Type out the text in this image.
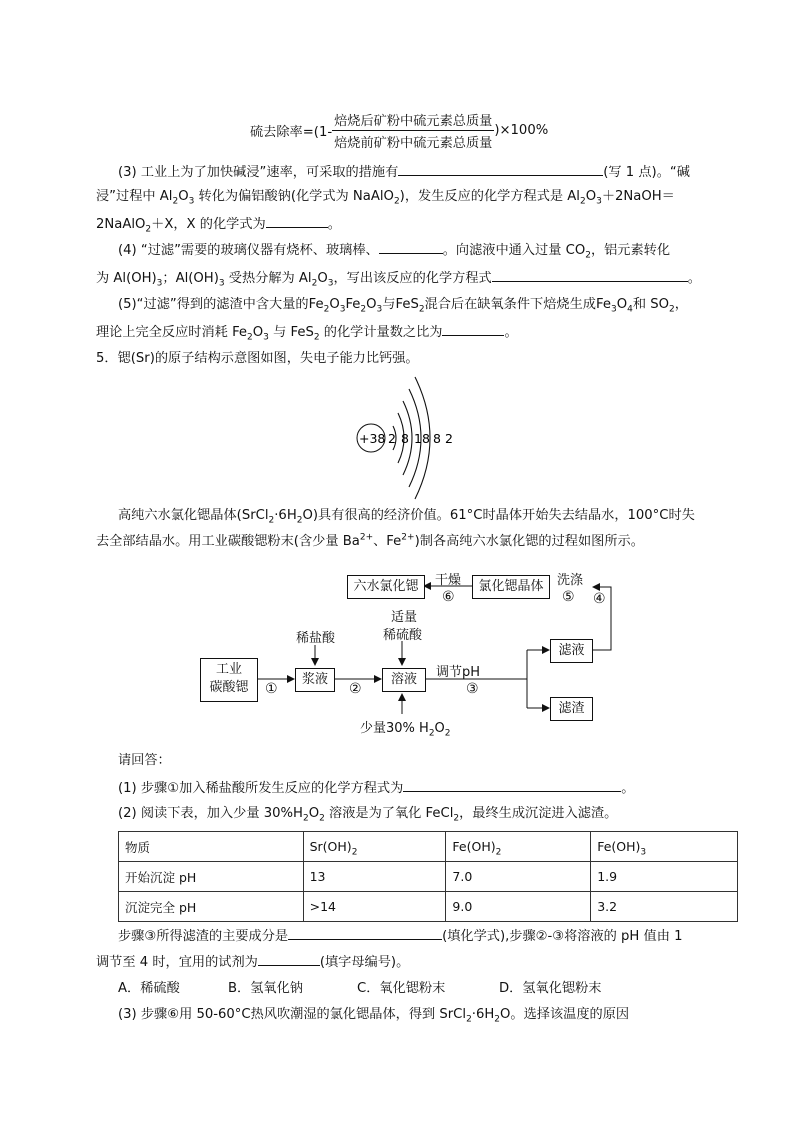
硫去除率$=(1- \frac{\text{焙烧后矿粉中硫元素总质量}}{\text{焙烧前矿粉中硫元素总质量}} )\times 100\%$
(3) 工业上为了加快碱浸”速率，可采取的措施有	(写 1 点)。“碱
浸”过程中 $Al_2O_3$ 转化为偏铝酸钠(化学式为 NaAlO$_2$)，发生反应的化学方程式是 $Al_2O_3+2NaOH=$
2NaAlO$_2$＋X，X 的化学式为	。
(4) “过滤”需要的玻璃仪器有烧杯、玻璃棒、	。向滤液中通入过量 $CO_2$，铝元素转化
为 $Al(OH)_3$；$Al(OH)_3$ 受热分解为 $Al_2O_3$，写出该反应的化学方程式	。
(5)“过滤”得到的滤渣中含大量的$Fe_2O_3Fe_2O_3$与FeS$_2$混合后在缺氧条件下焙烧生成$Fe_3O_4$和 $SO_2$，
理论上完全反应时消耗 $Fe_2O_3$ 与 FeS$_2$ 的化学计量数之比为	。
5．锶(Sr)的原子结构示意图如图，失电子能力比钙强。
+38 2 8 18 8 2
高纯六水氯化锶晶体$(SrCl_2\cdot 6H_2O)$具有很高的经济价值。61°C时晶体开始失去结晶水，100°C时失
去全部结晶水。用工业碳酸锶粉末(含少量 $Ba^{2+}$、$Fe^{2+}$)制各高纯六水氯化锶的过程如图所示。
工业
碳酸锶
浆液	溶液
滤液
滤渣
氯化锶晶体
六水氯化锶
稀盐酸
适量
稀硫酸
少量30% $H_2O_2$
调节pH
洗涤
干燥
①	②	③
④
⑤
⑥
请回答：
(1) 步骤①加入稀盐酸所发生反应的化学方程式为	。
(2) 阅读下表，加入少量 $30\%H_2O_2$ 溶液是为了氧化 FeCl$_2$，最终生成沉淀进入滤渣。
物质	$Sr(OH)_2$	$Fe(OH)_2$	$Fe(OH)_3$
开始沉淀 pH	13	7.0	1.9
沉淀完全 pH	>14	9.0	3.2
步骤③所得滤渣的主要成分是	(填化学式),步骤②-③将溶液的 pH 值由 1
调节至 4 时，宜用的试剂为	(填字母编号)。
A．稀硫酸	B．氢氧化钠	C．氧化锶粉末	D．氢氧化锶粉末
(3) 步骤⑥用 50-60°C热风吹潮湿的氯化锶晶体，得到 $SrCl_2\cdot 6H_2O$。选择该温度的原因
